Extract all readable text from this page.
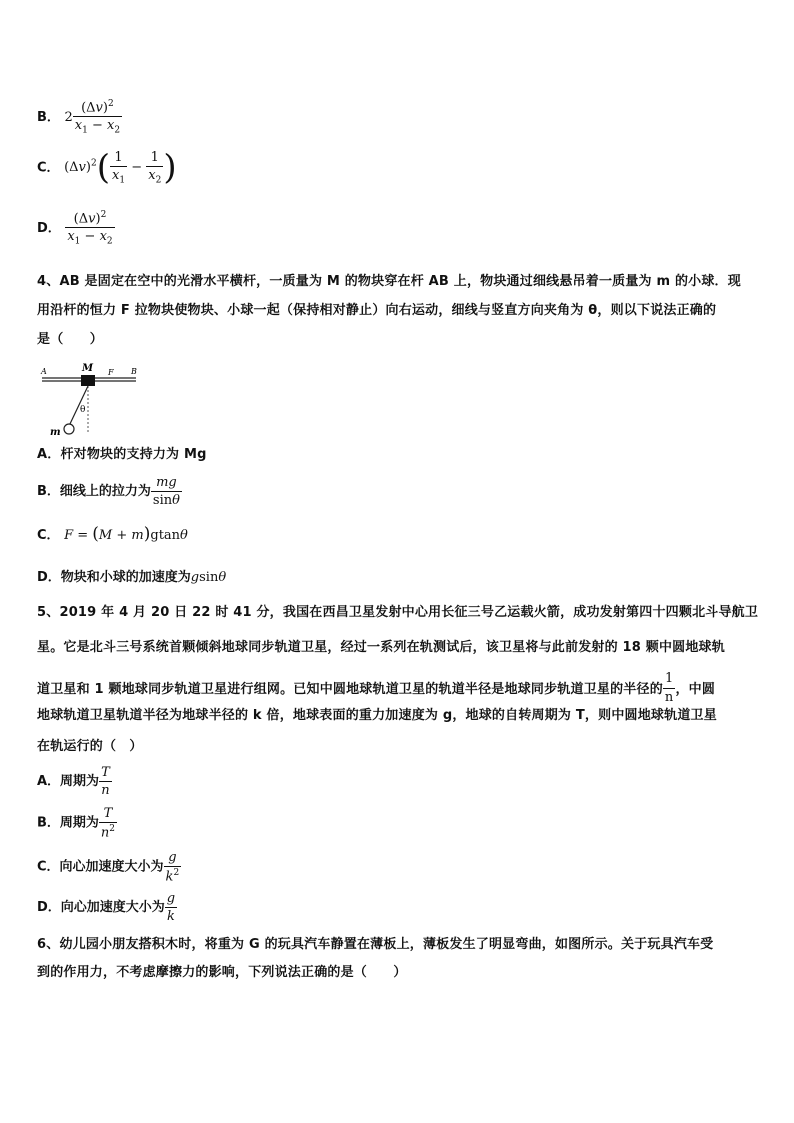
B． $2 \frac{(\Delta v)^2}{x_1 - x_2}$
C． $(\Delta v)^2( \frac{1}{x_1} - \frac{1}{x_2}$ )
D． $\frac{(\Delta v)^2}{x_1 - x_2}$
4、AB 是固定在空中的光滑水平横杆，一质量为 M 的物块穿在杆 AB 上，物块通过细线悬吊着一质量为 m 的小球．现
用沿杆的恒力 F 拉物块使物块、小球一起（保持相对静止）向右运动，细线与竖直方向夹角为 θ，则以下说法正确的
是（　　）
A	B
M F
θ
m
A．杆对物块的支持力为 Mg
B．细线上的拉力为 $\frac{mg}{\sin\theta}$
C． F = (M + m)gtanθ
D．物块和小球的加速度为gsinθ
5、2019 年 4 月 20 日 22 时 41 分，我国在西昌卫星发射中心用长征三号乙运载火箭，成功发射第四十四颗北斗导航卫
星。它是北斗三号系统首颗倾斜地球同步轨道卫星，经过一系列在轨测试后，该卫星将与此前发射的 18 颗中圆地球轨
道卫星和 1 颗地球同步轨道卫星进行组网。已知中圆地球轨道卫星的轨道半径是地球同步轨道卫星的半径的 $\frac{1}{n}$ ，中圆
地球轨道卫星轨道半径为地球半径的 k 倍，地球表面的重力加速度为 g，地球的自转周期为 T，则中圆地球轨道卫星
在轨运行的（　）
A．周期为 $\frac{T}{n}$
B．周期为 $\frac{T}{n^2}$
C．向心加速度大小为 $\frac{g}{k^2}$
D．向心加速度大小为 $\frac{g}{k}$
6、幼儿园小朋友搭积木时，将重为 G 的玩具汽车静置在薄板上，薄板发生了明显弯曲，如图所示。关于玩具汽车受
到的作用力，不考虑摩擦力的影响，下列说法正确的是（　　）
